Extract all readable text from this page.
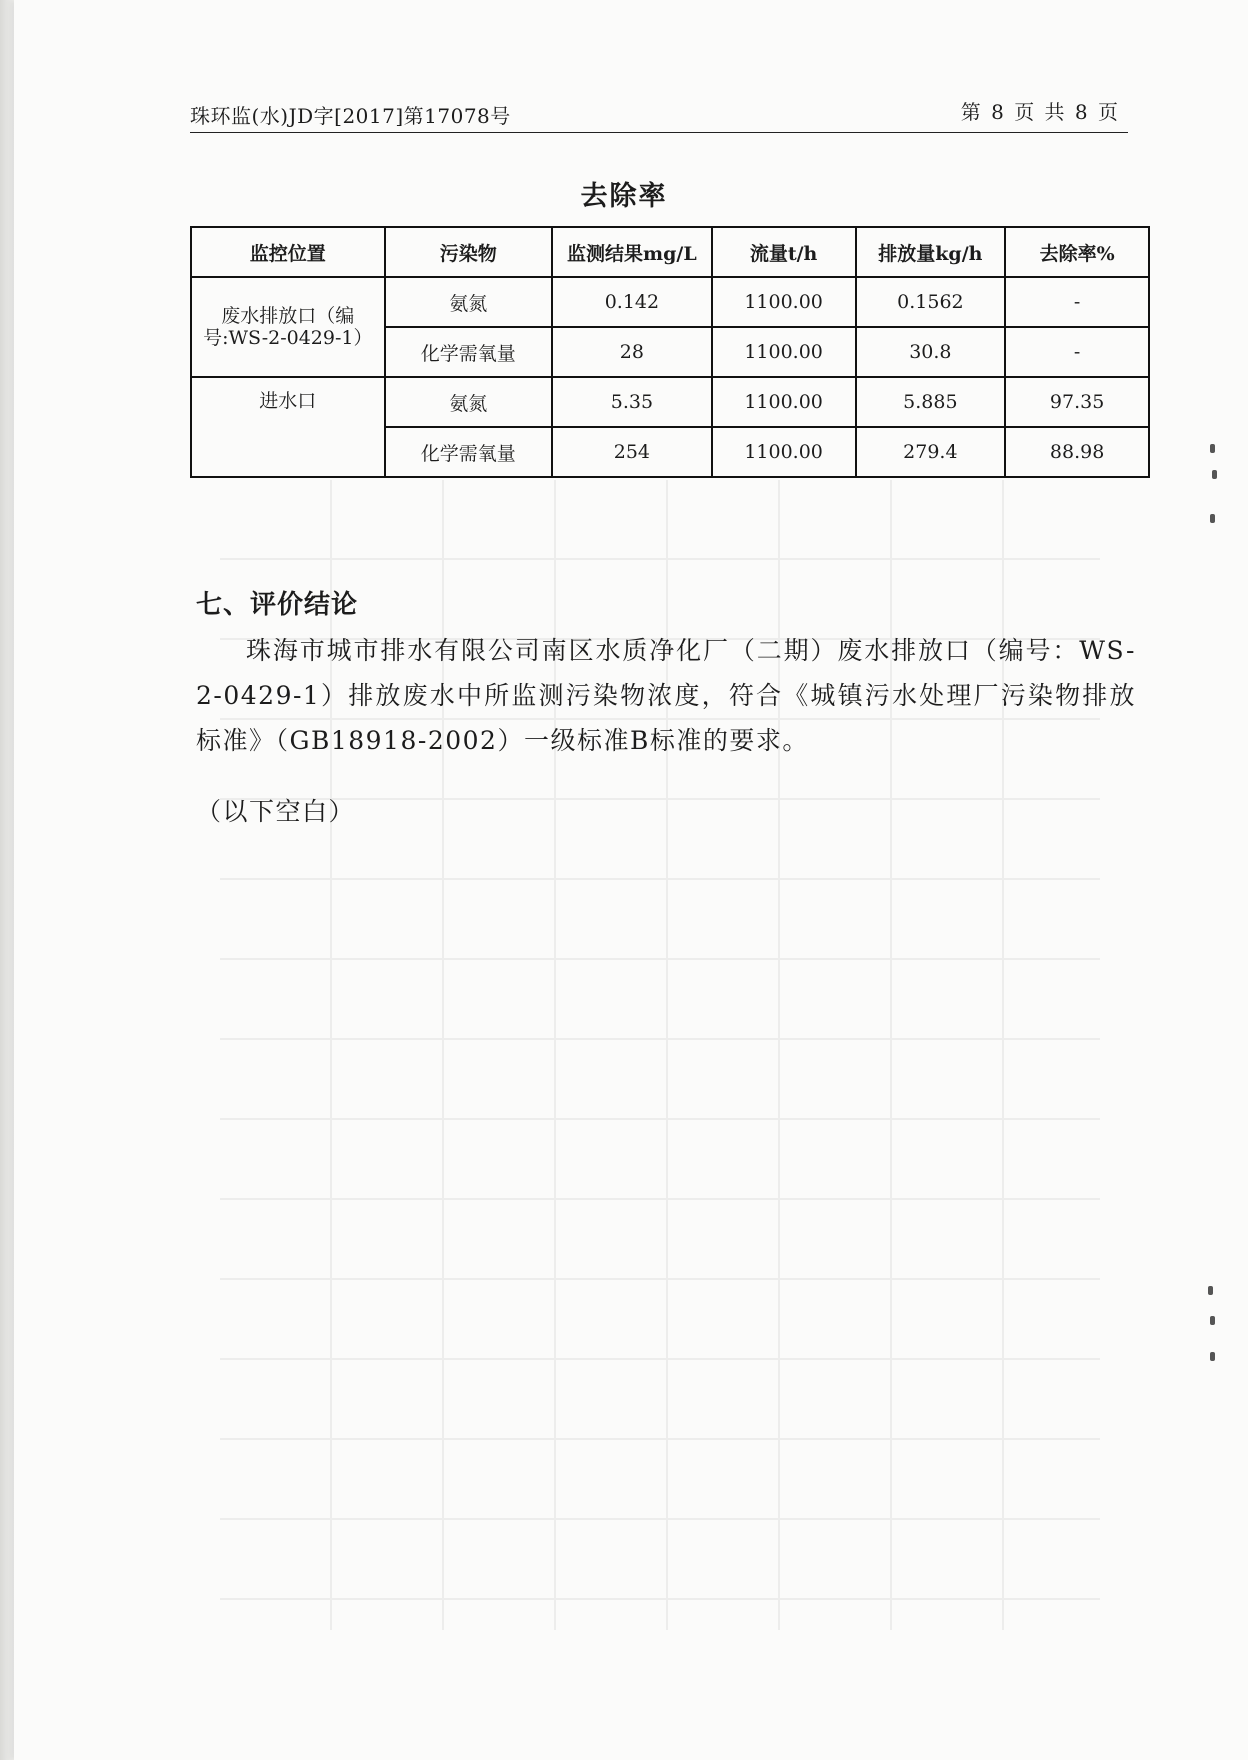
珠环监(水)JD字[2017]第17078号	第 8 页 共 8 页
去除率
监控位置	污染物	监测结果mg/L	流量t/h	排放量kg/h	去除率%
废水排放口（编号:WS-2-0429-1）	氨氮	0.142	1100.00	0.1562	-
	化学需氧量	28	1100.00	30.8	-
进水口	氨氮	5.35	1100.00	5.885	97.35
	化学需氧量	254	1100.00	279.4	88.98
七、评价结论
珠海市城市排水有限公司南区水质净化厂（二期）废水排放口（编号：WS-2-0429-1）排放废水中所监测污染物浓度，符合《城镇污水处理厂污染物排放标准》（GB18918-2002）一级标准B标准的要求。
（以下空白）
